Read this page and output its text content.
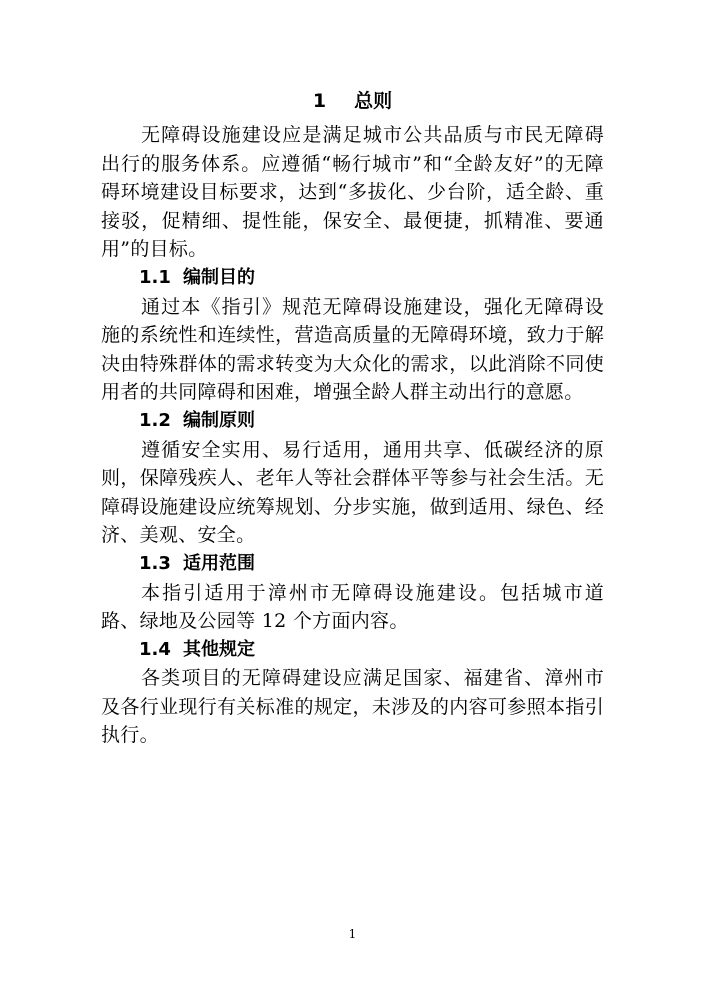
1 总则

无障碍设施建设应是满足城市公共品质与市民无障碍出行的服务体系。应遵循“畅行城市”和“全龄友好”的无障碍环境建设目标要求，达到“多拔化、少台阶，适全龄、重接驳，促精细、提性能，保安全、最便捷，抓精准、要通用”的目标。

1.1 编制目的

通过本《指引》规范无障碍设施建设，强化无障碍设施的系统性和连续性，营造高质量的无障碍环境，致力于解决由特殊群体的需求转变为大众化的需求，以此消除不同使用者的共同障碍和困难，增强全龄人群主动出行的意愿。

1.2 编制原则

遵循安全实用、易行适用，通用共享、低碳经济的原则，保障残疾人、老年人等社会群体平等参与社会生活。无障碍设施建设应统筹规划、分步实施，做到适用、绿色、经济、美观、安全。

1.3 适用范围

本指引适用于漳州市无障碍设施建设。包括城市道路、绿地及公园等 12 个方面内容。

1.4 其他规定

各类项目的无障碍建设应满足国家、福建省、漳州市及各行业现行有关标准的规定，未涉及的内容可参照本指引执行。

1
